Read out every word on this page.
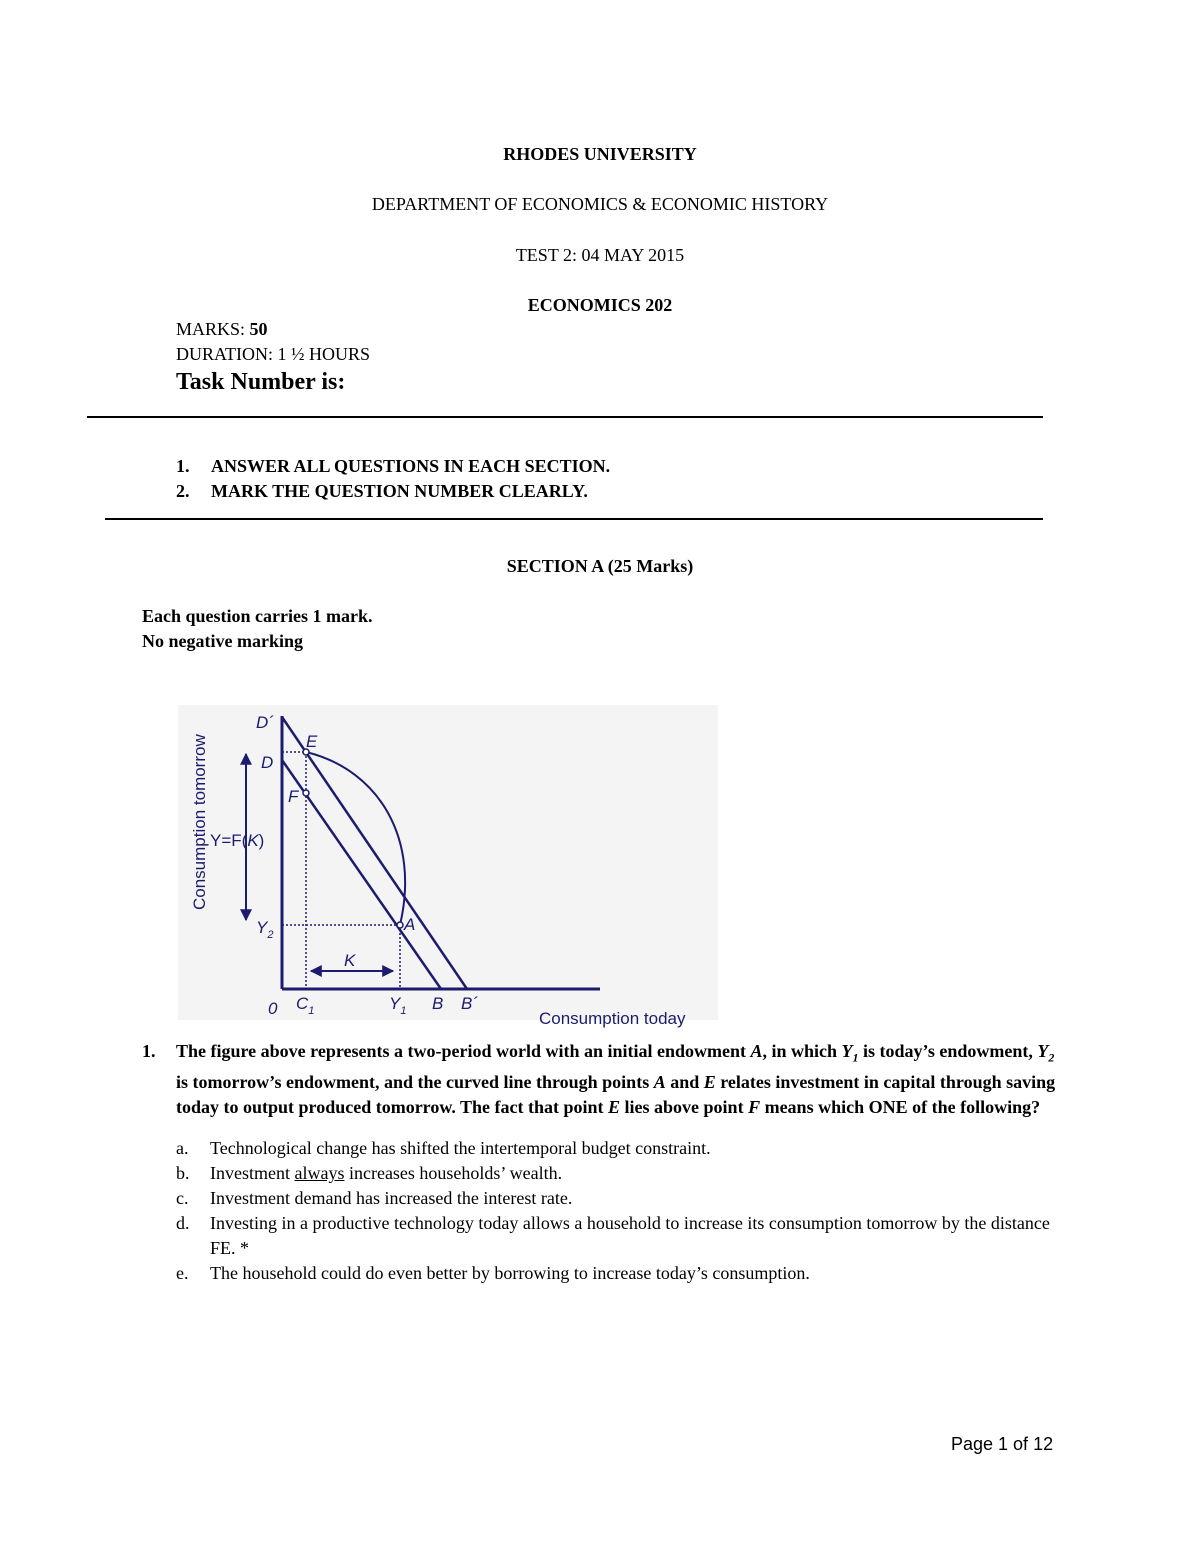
RHODES UNIVERSITY
DEPARTMENT OF ECONOMICS & ECONOMIC HISTORY
TEST 2: 04 MAY 2015
ECONOMICS 202
MARKS: 50
DURATION: 1 ½ HOURS
Task Number is:
1. ANSWER ALL QUESTIONS IN EACH SECTION.
2. MARK THE QUESTION NUMBER CLEARLY.
SECTION A (25 Marks)
Each question carries 1 mark.
No negative marking
Consumption tomorrow
Consumption today
0
D´
D
E
F
A
Y=F(K)
$Y_2$
K
$C_1$	$Y_1$ B B´
1. The figure above represents a two-period world with an initial endowment A, in which $Y_1$ is today’s endowment, $Y_2$ is tomorrow’s endowment, and the curved line through points A and E relates investment in capital through saving today to output produced tomorrow. The fact that point E lies above point F means which ONE of the following?
a.	Technological change has shifted the intertemporal budget constraint.
b.	Investment always increases households’ wealth.
c.	Investment demand has increased the interest rate.
d.	Investing in a productive technology today allows a household to increase its consumption tomorrow by the distance FE. *
e.	The household could do even better by borrowing to increase today’s consumption.
Page 1 of 12
